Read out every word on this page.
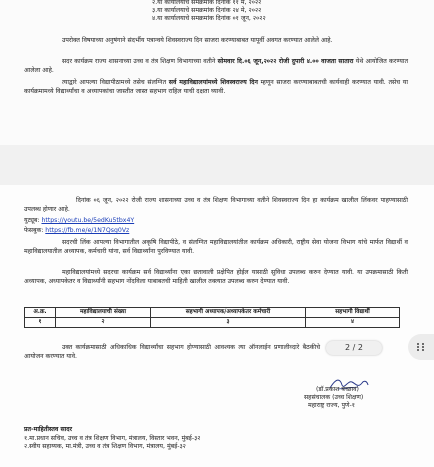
२.या कार्यालयाचे समक्रमांक दिनांक ११ मे, २०२२
३.या कार्यालयाचे समक्रमांक दिनांक २४ मे, २०२२
४.या कार्यालयाचे समक्रमांक दिनांक ०१ जून, २०२२
उपरोक्त विषयाच्या अनुषंगाने संदर्भीय पत्रान्वये शिवस्वराज्य दिन साजरा करण्याबाबत यापूर्वी अवगत करण्यात आलेले आहे.
सदर कार्यक्रम राज्य शासनाच्या उच्च व तंत्र शिक्षण विभागाच्या वतीने सोमवार दि.०६ जून,२०२२ रोजी दुपारी ४.०० वाजता सातारा येथे आयोजित करण्यात आलेला आहे.
त्याद्वारे आपल्या विद्यापीठामध्ये तसेच संलग्नित सर्व महाविद्यालयांमध्ये शिवस्वराज्य दिन म्हणून साजरा करण्याबाबतची कार्यवाही करण्यात यावी. तसेच या कार्यक्रमामध्ये विद्यार्थ्यांचा व अध्यापकांचा जास्तीत जास्त सहभाग राहिल याची दक्षता घ्यावी.
दिनांक ०६ जून, २०२२ रोजी राज्य शासनाच्या उच्च व तंत्र शिक्षण विभागाच्या वतीने शिवस्वराज्य दिन हा कार्यक्रम खालील लिंकवर पाहण्यासाठी उपलब्ध होणार आहे.
युट्यूब: https://youtu.be/5edKu5tbx4Y
फेसबुक: https://fb.me/e/1N7Qsg0Vz
सदरची लिंक आपल्या विभागातील अकृषि विद्यापीठे, व संलग्नित महाविद्यालयांतील कार्यक्रम अधिकारी, राष्ट्रीय सेवा योजना विभाग यांचे मार्फत विद्यार्थी व महाविद्यालयातील अध्यापक, कर्मचारी यांना, सर्व विद्यार्थ्यांना पुरविण्यात यावी.
महाविद्यालयांमध्ये सदरचा कार्यक्रम सर्व विद्यार्थ्यांना एका छतावाली प्रक्षेपित होईल यासाठी सुविधा उपलब्ध करुन देण्यात यावी. या उपक्रमासाठी किती अध्यापक, अध्यापकेतर व विद्यार्थ्यांनी सहभाग नोंदविला याबाबतची माहिती खालील तक्त्यात उपलब्ध करुन देण्यात यावी.
अ.क्र.	महाविद्यालयाची संख्या	सहभागी अध्यापक/अध्यापकेतर कर्मचारी	सहभागी विद्यार्थी
१	२	३	४
उक्त कार्यक्रमासाठी अधिकाधिक विद्यार्थ्यांचा सहभाग होण्यासाठी आवश्यक त्या ऑनलाईन प्रणालीव्दारे बैठकीचे आयोजन करण्यात यावे.
2 / 2
(डॉ.प्रकाश बच्छाव)
सहसंचालक (उच्च शिक्षण)
महाराष्ट्र राज्य, पुणे-१
प्रत-माहितीस्तव सादर
१.मा.प्रधान सचिव, उच्च व तंत्र शिक्षण विभाग, मंत्रालय, विस्तार भवन, मुंबई-३२
२.स्वीय सहाय्यक, मा.मंत्री, उच्च व तंत्र शिक्षण विभाग, मंत्रालय, मुंबई-३२
